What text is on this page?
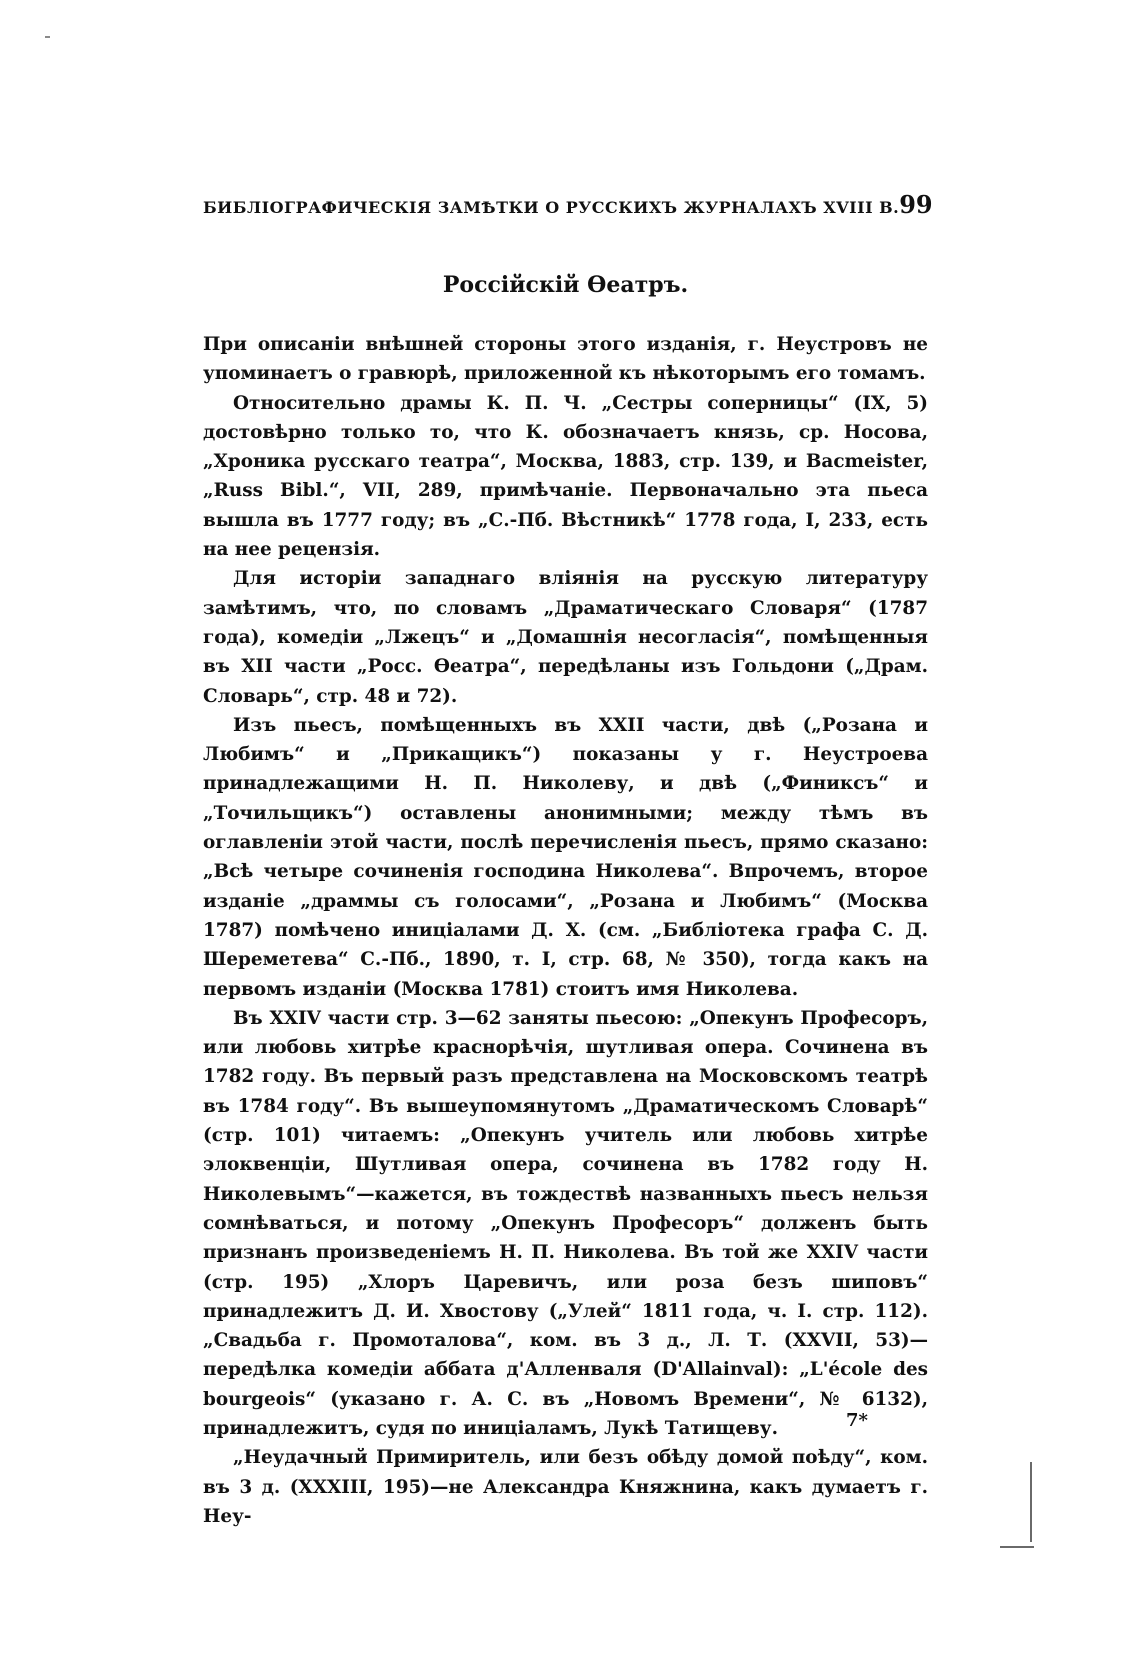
БИБЛІОГРАФИЧЕСКІЯ ЗАМѢТКИ О РУССКИХЪ ЖУРНАЛАХЪ XVIII В. 99
Россійскій Ѳеатръ.

При описаніи внѣшней стороны этого изданія, г. Неустровъ не упоминаетъ о гравюрѣ, приложенной къ нѣкоторымъ его томамъ.

Относительно драмы К. П. Ч. „Сестры соперницы“ (IX, 5) достовѣрно только то, что К. обозначаетъ князь, ср. Носова, „Хроника русскаго театра“, Москва, 1883, стр. 139, и Bacmeister, „Russ Bibl.“, VII, 289, примѣчаніе. Первоначально эта пьеса вышла въ 1777 году; въ „С.-Пб. Вѣстникѣ“ 1778 года, I, 233, есть на нее рецензія.

Для исторіи западнаго вліянія на русскую литературу замѣтимъ, что, по словамъ „Драматическаго Словаря“ (1787 года), комедіи „Лжецъ“ и „Домашнія несогласія“, помѣщенныя въ XII части „Росс. Ѳеатра“, передѣланы изъ Гольдони („Драм. Словарь“, стр. 48 и 72).

Изъ пьесъ, помѣщенныхъ въ XXII части, двѣ („Розана и Любимъ“ и „Прикащикъ“) показаны у г. Неустроева принадлежащими Н. П. Николеву, и двѣ („Финиксъ“ и „Точильщикъ“) оставлены анонимными; между тѣмъ въ оглавленіи этой части, послѣ перечисленія пьесъ, прямо сказано: „Всѣ четыре сочиненія господина Николева“. Впрочемъ, второе изданіе „драммы съ голосами“, „Розана и Любимъ“ (Москва 1787) помѣчено иниціалами Д. Х. (см. „Библіотека графа С. Д. Шереметева“ С.-Пб., 1890, т. I, стр. 68, № 350), тогда какъ на первомъ изданіи (Москва 1781) стоитъ имя Николева.

Въ XXIV части стр. 3—62 заняты пьесою: „Опекунъ Професоръ, или любовь хитрѣе краснорѣчія, шутливая опера. Сочинена въ 1782 году. Въ первый разъ представлена на Московскомъ театрѣ въ 1784 году“. Въ вышеупомянутомъ „Драматическомъ Словарѣ“ (стр. 101) читаемъ: „Опекунъ учитель или любовь хитрѣе элоквенціи, Шутливая опера, сочинена въ 1782 году Н. Николевымъ“—кажется, въ тождествѣ названныхъ пьесъ нельзя сомнѣваться, и потому „Опекунъ Професоръ“ долженъ быть признанъ произведеніемъ Н. П. Николева. Въ той же XXIV части (стр. 195) „Хлоръ Царевичъ, или роза безъ шиповъ“ принадлежитъ Д. И. Хвостову („Улей“ 1811 года, ч. I. стр. 112). „Свадьба г. Промоталова“, ком. въ 3 д., Л. Т. (XXVII, 53)—передѣлка комедіи аббата д'Алленваля (D'Allainval): „L'école des bourgeois“ (указано г. А. С. въ „Новомъ Времени“, № 6132), принадлежитъ, судя по иниціаламъ, Лукѣ Татищеву.

„Неудачный Примиритель, или безъ обѣду домой поѣду“, ком. въ 3 д. (XXXIII, 195)—не Александра Княжнина, какъ думаетъ г. Неу-

7*
